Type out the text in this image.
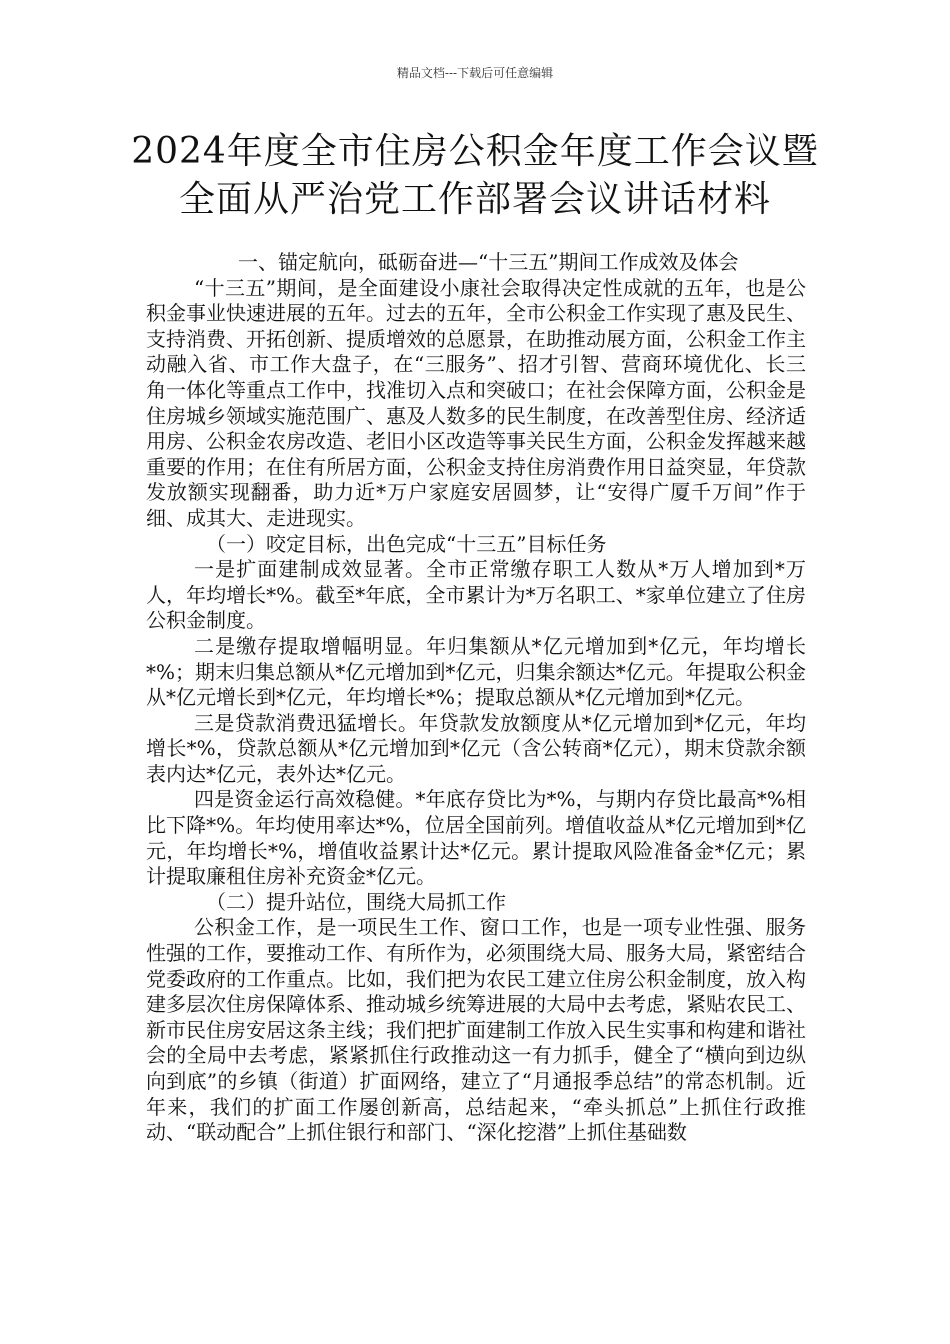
精品文档---下载后可任意编辑
2024年度全市住房公积金年度工作会议暨
全面从严治党工作部署会议讲话材料

一、锚定航向，砥砺奋进—“十三五”期间工作成效及体会

“十三五”期间，是全面建设小康社会取得决定性成就的五年，也是公积金事业快速进展的五年。过去的五年，全市公积金工作实现了惠及民生、支持消费、开拓创新、提质增效的总愿景，在助推动展方面，公积金工作主动融入省、市工作大盘子，在“三服务”、招才引智、营商环境优化、长三角一体化等重点工作中，找准切入点和突破口；在社会保障方面，公积金是住房城乡领域实施范围广、惠及人数多的民生制度，在改善型住房、经济适用房、公积金农房改造、老旧小区改造等事关民生方面，公积金发挥越来越重要的作用；在住有所居方面，公积金支持住房消费作用日益突显，年贷款发放额实现翻番，助力近*万户家庭安居圆梦，让“安得广厦千万间”作于细、成其大、走进现实。

（一）咬定目标，出色完成“十三五”目标任务

一是扩面建制成效显著。全市正常缴存职工人数从*万人增加到*万人，年均增长*%。截至*年底，全市累计为*万名职工、*家单位建立了住房公积金制度。

二是缴存提取增幅明显。年归集额从*亿元增加到*亿元，年均增长*%；期末归集总额从*亿元增加到*亿元，归集余额达*亿元。年提取公积金从*亿元增长到*亿元，年均增长*%；提取总额从*亿元增加到*亿元。

三是贷款消费迅猛增长。年贷款发放额度从*亿元增加到*亿元，年均增长*%，贷款总额从*亿元增加到*亿元（含公转商*亿元），期末贷款余额表内达*亿元，表外达*亿元。

四是资金运行高效稳健。*年底存贷比为*%，与期内存贷比最高*%相比下降*%。年均使用率达*%，位居全国前列。增值收益从*亿元增加到*亿元，年均增长*%，增值收益累计达*亿元。累计提取风险准备金*亿元；累计提取廉租住房补充资金*亿元。

（二）提升站位，围绕大局抓工作

公积金工作，是一项民生工作、窗口工作，也是一项专业性强、服务性强的工作，要推动工作、有所作为，必须围绕大局、服务大局，紧密结合党委政府的工作重点。比如，我们把为农民工建立住房公积金制度，放入构建多层次住房保障体系、推动城乡统筹进展的大局中去考虑，紧贴农民工、新市民住房安居这条主线；我们把扩面建制工作放入民生实事和构建和谐社会的全局中去考虑，紧紧抓住行政推动这一有力抓手，健全了“横向到边纵向到底”的乡镇（街道）扩面网络，建立了“月通报季总结”的常态机制。近年来，我们的扩面工作屡创新高，总结起来，“牵头抓总”上抓住行政推动、“联动配合”上抓住银行和部门、“深化挖潜”上抓住基础数
